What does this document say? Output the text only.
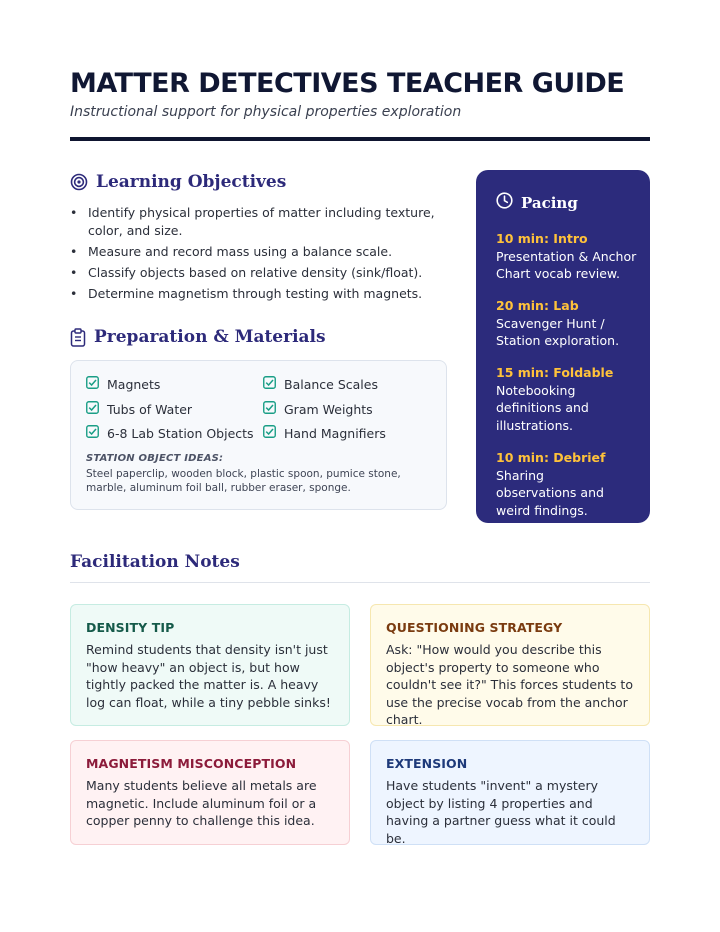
MATTER DETECTIVES TEACHER GUIDE
Instructional support for physical properties exploration
Learning Objectives
• Identify physical properties of matter including texture, color, and size.
• Measure and record mass using a balance scale.
• Classify objects based on relative density (sink/float).
• Determine magnetism through testing with magnets.
Preparation & Materials
Magnets	Balance Scales
Tubs of Water	Gram Weights
6-8 Lab Station Objects Hand Magnifiers
STATION OBJECT IDEAS:
Steel paperclip, wooden block, plastic spoon, pumice stone, marble, aluminum foil ball, rubber eraser, sponge.
Pacing
10 min: Intro
Presentation & Anchor Chart vocab review.
20 min: Lab
Scavenger Hunt / Station exploration.
15 min: Foldable
Notebooking definitions and illustrations.
10 min: Debrief
Sharing observations and weird findings.
Facilitation Notes
DENSITY TIP
Remind students that density isn't just "how heavy" an object is, but how tightly packed the matter is. A heavy log can float, while a tiny pebble sinks!
QUESTIONING STRATEGY
Ask: "How would you describe this object's property to someone who couldn't see it?" This forces students to use the precise vocab from the anchor chart.
MAGNETISM MISCONCEPTION
Many students believe all metals are magnetic. Include aluminum foil or a copper penny to challenge this idea.
EXTENSION
Have students "invent" a mystery object by listing 4 properties and having a partner guess what it could be.
